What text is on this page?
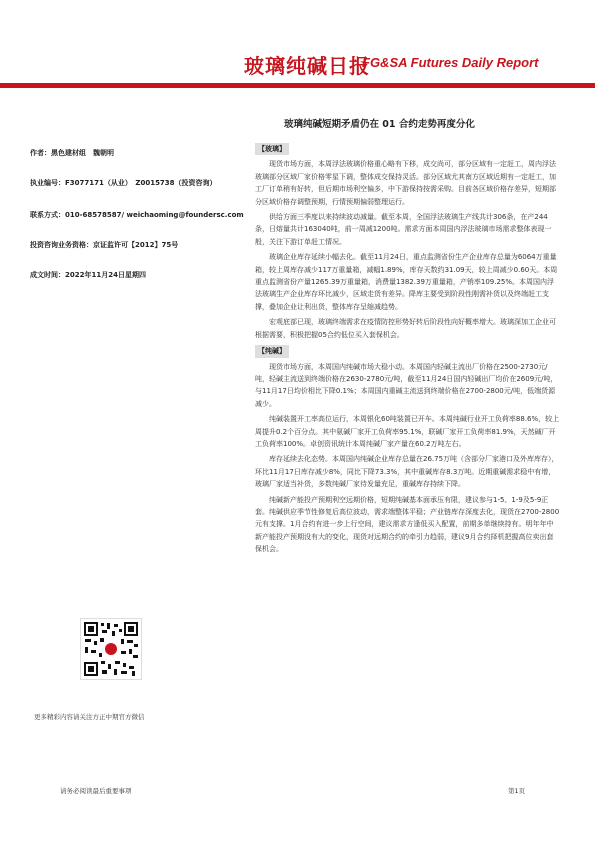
玻璃纯碱日报
FG&SA Futures Daily Report
玻璃纯碱短期矛盾仍在 01 合约走势再度分化
作者：黑色建材组　魏朝明
执业编号：F3077171（从业）　Z0015738（投资咨询）
联系方式：010-68578587/ weichaoming@foundersc.com
投资咨询业务资格：京证监许可【2012】75号
成文时间：2022年11月24日星期四
【玻璃】

现货市场方面，本周浮法玻璃价格重心略有下移，成交尚可，部分区域有一定赶工，周内浮法玻璃部分区域厂家价格零星下调，整体成交保持灵活。部分区域尤其南方区域近期有一定赶工，加工厂订单稍有好转，但后期市场利空偏多，中下游保持按需采购。目前各区域价格存差异，短期部分区域价格存调整预期，行情预期偏弱整理运行。

供给方面三季度以来持续波动减量。截至本周，全国浮法玻璃生产线共计306条，在产244条，日熔量共计163040吨，前一周减1200吨。需求方面本周国内浮法玻璃市场需求整体表现一般，关注下游订单赶工情况。

玻璃企业库存延续小幅去化。截至11月24日，重点监测省份生产企业库存总量为6064万重量箱，较上周库存减少117万重量箱，减幅1.89%，库存天数约31.09天，较上周减少0.60天。本周重点监测省份产量1265.39万重量箱，消费量1382.39万重量箱，产销率109.25%。本周国内浮法玻璃生产企业库存环比减少，区域走货有差异。降库主要受到阶段性刚需补货以及终端赶工支撑，叠加企业让利出货，整体库存呈缩减趋势。

宏观底部已现，玻璃终端需求在疫情防控形势好转后阶段性向好概率增大。玻璃深加工企业可根据需要，积极把握05合约低位买入套保机会。

【纯碱】

现货市场方面，本周国内纯碱市场大稳小动。本周国内轻碱主流出厂价格在2500-2730元/吨，轻碱主流送到终端价格在2630-2780元/吨，截至11月24日国内轻碱出厂均价在2609元/吨，与11月17日均价相比下降0.1%；本周国内重碱主流送到终端价格在2700-2800元/吨，低端货源减少。

纯碱装置开工率高位运行，本周银化60吨装置已开车。本周纯碱行业开工负荷率88.6%，较上周提升0.2个百分点。其中氨碱厂家开工负荷率95.1%，联碱厂家开工负荷率81.9%，天然碱厂开工负荷率100%。卓创资讯统计本周纯碱厂家产量在60.2万吨左右。

库存延续去化态势。本周国内纯碱企业库存总量在26.75万吨（含部分厂家港口及外库库存），环比11月17日库存减少8%，同比下降73.3%，其中重碱库存8.3万吨。近期重碱需求稳中有增，玻璃厂家适当补货，多数纯碱厂家待发量充足，重碱库存持续下降。

纯碱新产能投产预期利空远期价格，短期纯碱基本面承压有限，建议参与1-5、1-9及5-9正套。纯碱供应季节性修复后高位波动，需求端整体平稳；产业链库存深度去化，现货在2700-2800元有支撑。1月合约有进一步上行空间，建议需求方逢低买入配置，前期多单继续持有。明年年中新产能投产预期没有大的变化，现货对远期合约的牵引力趋弱，建议9月合约择机把握高位卖出套保机会。

更多精彩内容请关注方正中期官方微信
请务必阅读最后重要事项	第1页
